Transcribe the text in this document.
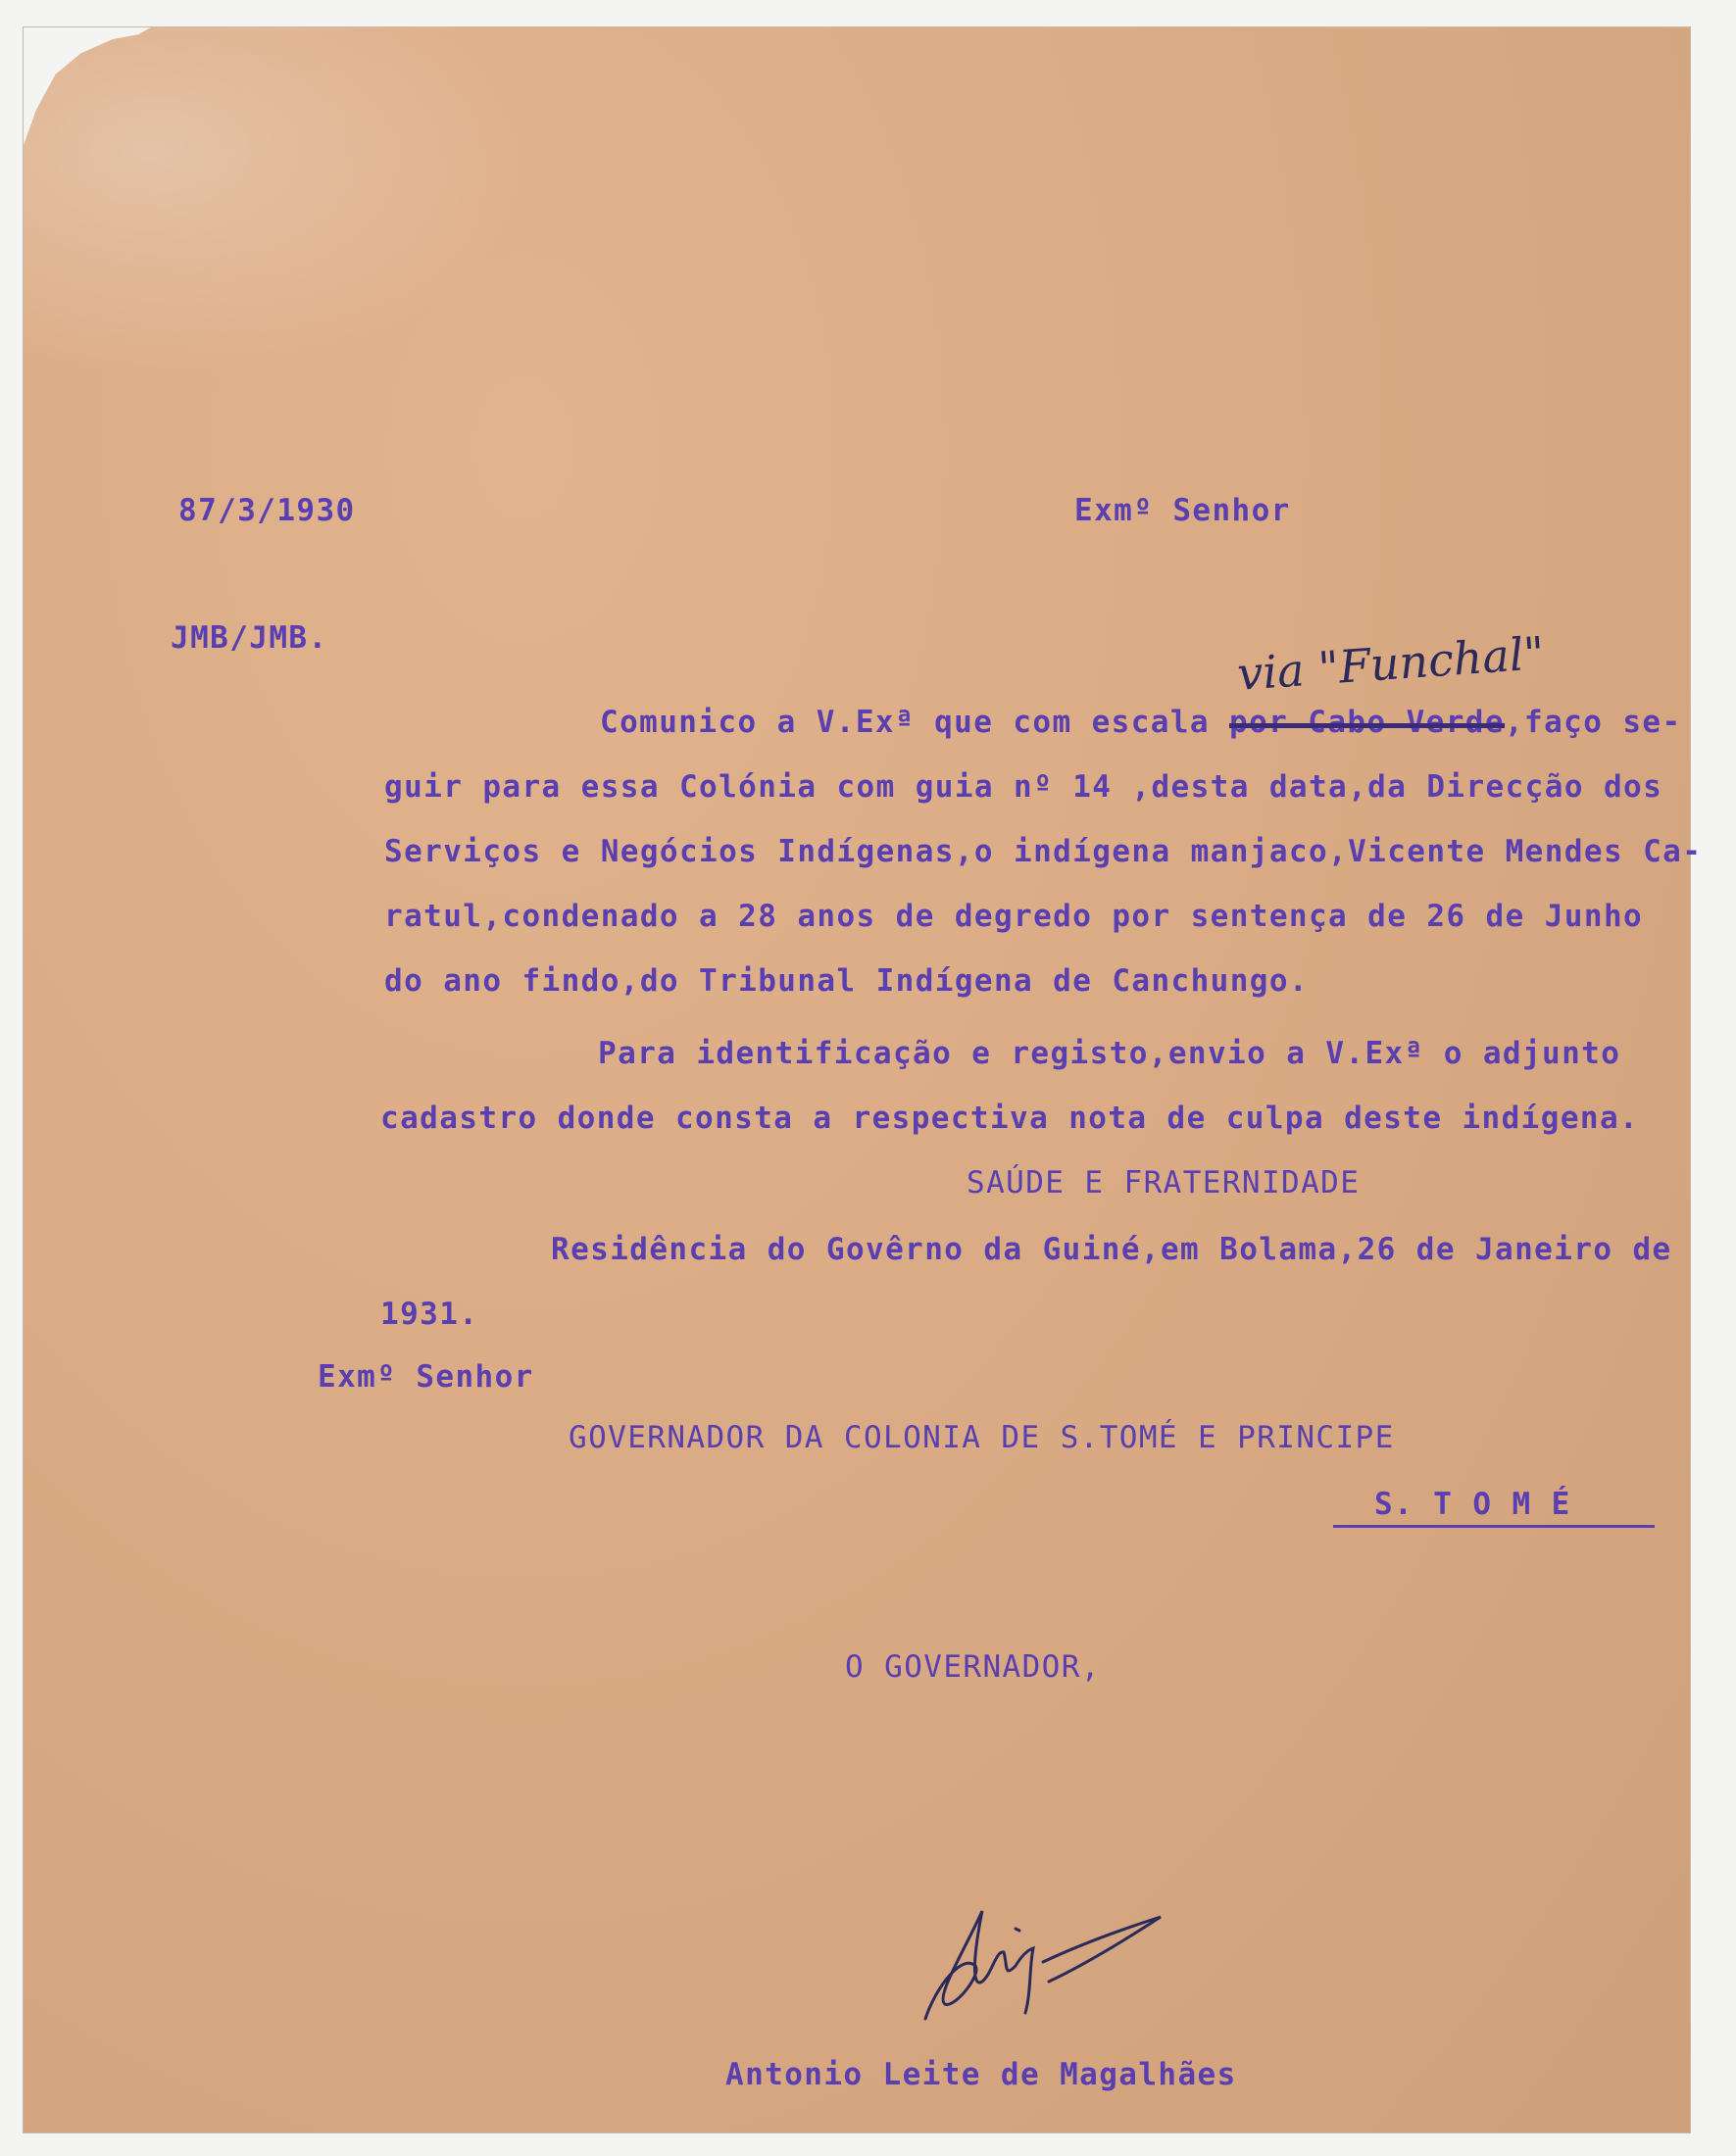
87/3/1930	Exmº Senhor
JMB/JMB.	via "Funchal"
Comunico a V.Exª que com escala por Cabo Verde,faço se-
guir para essa Colónia com guia nº 14 ,desta data,da Direcção dos
Serviços e Negócios Indígenas,o indígena manjaco,Vicente Mendes Ca-
ratul,condenado a 28 anos de degredo por sentença de 26 de Junho
do ano findo,do Tribunal Indígena de Canchungo.
Para identificação e registo,envio a V.Exª o adjunto
cadastro donde consta a respectiva nota de culpa deste indígena.
SAÚDE E FRATERNIDADE
Residência do Govêrno da Guiné,em Bolama,26 de Janeiro de
1931.
Exmº Senhor
GOVERNADOR DA COLONIA DE S.TOMÉ E PRINCIPE
S. T O M É
O GOVERNADOR,
Antonio Leite de Magalhães
